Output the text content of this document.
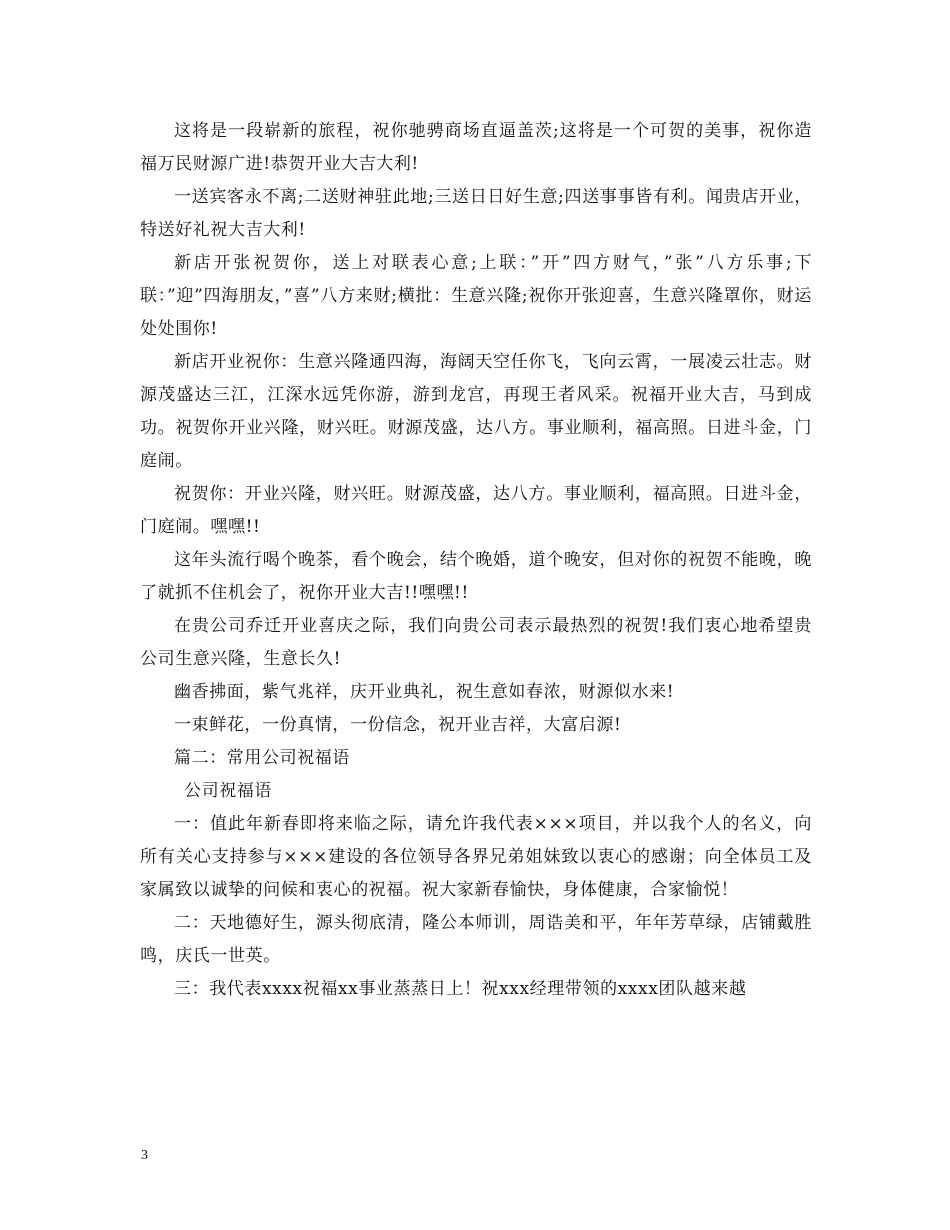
这将是一段崭新的旅程，祝你驰骋商场直逼盖茨;这将是一个可贺的美事，祝你造福万民财源广进!恭贺开业大吉大利!

一送宾客永不离;二送财神驻此地;三送日日好生意;四送事事皆有利。闻贵店开业，特送好礼祝大吉大利!

新店开张祝贺你，送上对联表心意;上联：”开”四方财气，”张”八方乐事;下联：”迎”四海朋友，”喜”八方来财;横批：生意兴隆;祝你开张迎喜，生意兴隆罩你，财运处处围你!

新店开业祝你：生意兴隆通四海，海阔天空任你飞，飞向云霄，一展凌云壮志。财源茂盛达三江，江深水远凭你游，游到龙宫，再现王者风采。祝福开业大吉，马到成功。祝贺你开业兴隆，财兴旺。财源茂盛，达八方。事业顺利，福高照。日进斗金，门庭闹。

祝贺你：开业兴隆，财兴旺。财源茂盛，达八方。事业顺利，福高照。日进斗金，门庭闹。嘿嘿!!

这年头流行喝个晚茶，看个晚会，结个晚婚，道个晚安，但对你的祝贺不能晚，晚了就抓不住机会了，祝你开业大吉!!嘿嘿!!

在贵公司乔迁开业喜庆之际，我们向贵公司表示最热烈的祝贺!我们衷心地希望贵公司生意兴隆，生意长久!

幽香拂面，紫气兆祥，庆开业典礼，祝生意如春浓，财源似水来!

一束鲜花，一份真情，一份信念，祝开业吉祥，大富启源!

篇二：常用公司祝福语

公司祝福语

一：值此年新春即将来临之际，请允许我代表×××项目，并以我个人的名义，向所有关心支持参与×××建设的各位领导各界兄弟姐妹致以衷心的感谢；向全体员工及家属致以诚挚的问候和衷心的祝福。祝大家新春愉快，身体健康，合家愉悦！

二：天地德好生，源头彻底清，隆公本师训，周诰美和平，年年芳草绿，店铺戴胜鸣，庆氏一世英。

三：我代表xxxx祝福xx事业蒸蒸日上！祝xxx经理带领的xxxx团队越来越

3
